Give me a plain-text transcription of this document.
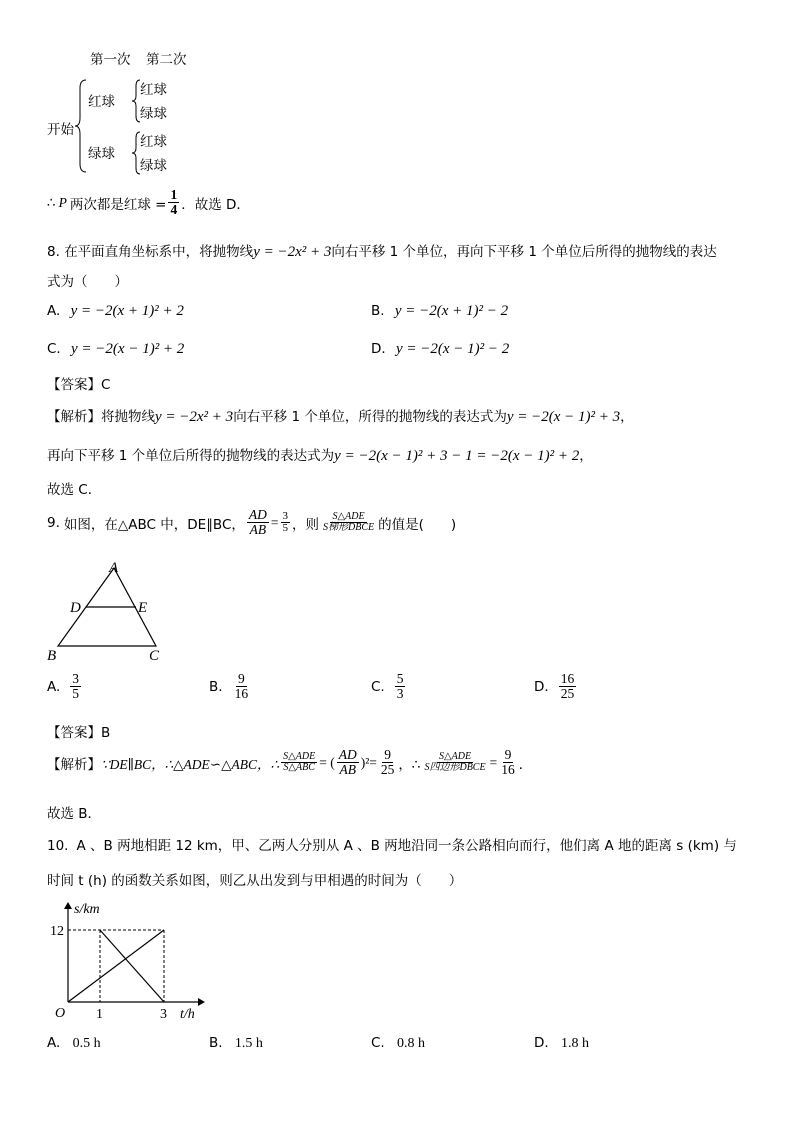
第一次 第二次
开始
红球
绿球
红球
绿球
红球
绿球
∴ P 两次都是红球 = $\frac{1}{4}$ ．故选 D．
8. 在平面直角坐标系中，将抛物线y = −2x² + 3向右平移 1 个单位，再向下平移 1 个单位后所得的抛物线的表达
式为（　　）
A. y = −2(x + 1)² + 2	B. y = −2(x + 1)² − 2
C. y = −2(x − 1)² + 2	D. y = −2(x − 1)² − 2
【答案】C
【解析】将抛物线y = −2x² + 3向右平移 1 个单位，所得的抛物线的表达式为y = −2(x − 1)² + 3，
再向下平移 1 个单位后所得的抛物线的表达式为y = −2(x − 1)² + 3 − 1 = −2(x − 1)² + 2，
故选 C．
9. 如图，在△ABC 中，DE∥BC， $\frac{AD}{AB} = \frac{3}{5}$ ，则 $\frac{\text{S△ADE}}{\text{S梯形DBCE}}$ 的值是(　　)
A
D	E
B	C
A. $\frac{3}{5}$	B. $\frac{9}{16}$	C. $\frac{5}{3}$	D. $\frac{16}{25}$
【答案】B
【解析】 ∵DE∥BC，∴△ADE∽△ABC，∴ $\frac{\text{S△ADE}}{\text{S△ABC}}$ = ( $\frac{AD}{AB} )^2= \frac{9}{25}$ ，∴ $\frac{\text{S△ADE}}{\text{S四边形DBCE}} = \frac{9}{16}$ ．
故选 B．
10. A 、B 两地相距 12 km，甲、乙两人分别从 A 、B 两地沿同一条公路相向而行，他们离 A 地的距离 s (km) 与
时间 t (h) 的函数关系如图，则乙从出发到与甲相遇的时间为（　　）
s/km
t/h
O
12
1	3
A. 0.5 h	B. 1.5 h	C. 0.8 h	D. 1.8 h
